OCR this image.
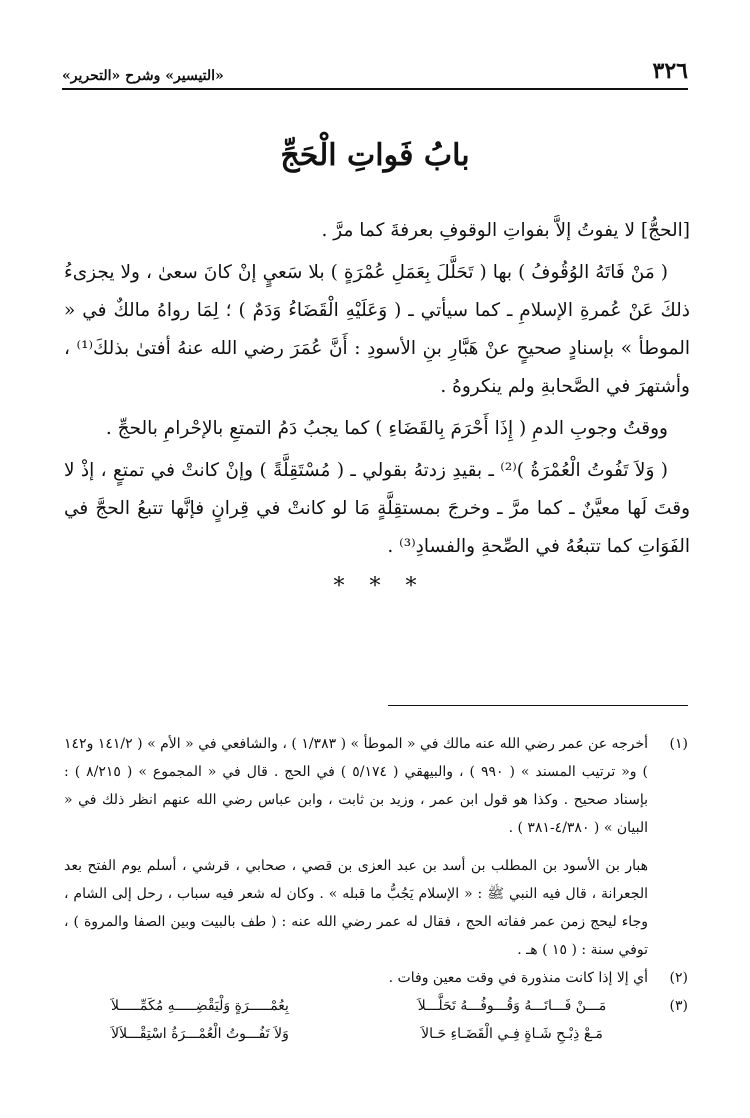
٣٢٦
«التيسير» وشرح «التحرير»
بابُ فَواتِ الْحَجِّ

[الحجُّ] لا يفوتُ إلاَّ بفواتِ الوقوفِ بعرفةَ كما مرَّ .

( مَنْ فَاتَهُ الوُقُوفُ ) بها ( تَحَلَّلَ بِعَمَلِ عُمْرَةٍ ) بلا سَعيٍ إنْ كانَ سعىٰ ، ولا يجزىءُ ذلكَ عَنْ عُمرةِ الإسلامِ ـ كما سيأتي ـ ( وَعَلَيْهِ الْقَضَاءُ وَدَمٌ ) ؛ لِمَا رواهُ مالكٌ في « الموطأ » بإسنادٍ صحيحٍ عنْ هَبَّارِ بنِ الأسودِ : أَنَّ عُمَرَ رضي الله عنهُ أفتىٰ بذلكَ⁽¹⁾ ، وأشتهرَ في الصَّحابةِ ولم ينكروهُ .

ووقتُ وجوبِ الدمِ ( إِذَا أَحْرَمَ بِالقَضَاءِ ) كما يجبُ دَمُ التمتعِ بالإحْرامِ بالحجِّ .

( وَلاَ تَفُوتُ الْعُمْرَةُ )⁽²⁾ ـ بقيدِ زدتهُ بقولي ـ ( مُسْتَقِلَّةً ) وإنْ كانتْ في تمتعٍ ، إذْ لا وقتَ لَها معيَّنٌ ـ كما مرَّ ـ وخرجَ بمستقِلَّةٍ مَا لو كانتْ في قِرانٍ فإنَّها تتبعُ الحجَّ في الفَوَاتِ كما تتبعُهُ في الصِّحةِ والفسادِ⁽³⁾ .

* * *
(١)

أخرجه عن عمر رضي الله عنه مالك في « الموطأ » ( ١/٣٨٣ ) ، والشافعي في « الأم » ( ١٤١/٢ و١٤٢ ) و« ترتيب المسند » ( ٩٩٠ ) ، والبيهقي ( ٥/١٧٤ ) في الحج . قال في « المجموع » ( ٨/٢١٥ ) : بإسناد صحيح . وكذا هو قول ابن عمر ، وزيد بن ثابت ، وابن عباس رضي الله عنهم انظر ذلك في « البيان » ( ٤/٣٨٠-٣٨١ ) .

هبار بن الأسود بن المطلب بن أسد بن عبد العزى بن قصي ، صحابي ، قرشي ، أسلم يوم الفتح بعد الجعرانة ، قال فيه النبي ﷺ : « الإسلام يَجُبُّ ما قبله » . وكان له شعر فيه سباب ، رحل إلى الشام ، وجاء ليحج زمن عمر ففاته الحج ، فقال له عمر رضي الله عنه : ( طف بالبيت وبين الصفا والمروة ) ، توفي سنة : ( ١٥ ) هـ .

(٢)

أي إلا إذا كانت منذورة في وقت معين وفات .

(٣)
مَـــنْ فَـــاتَـــهُ وَقُـــوفُـــهُ تَحَلَّـــلاَ
بِعُمْـــــرَةٍ وَلْيَقْضِـــــهِ مُكَمِّـــــلاَ
مَـعْ ذِبْـحِ شَـاةٍ فِـي الْقَضَـاءِ حَـالاَ
وَلاَ تَفُـــوتُ الْعُمْـــرَةُ اسْتِقْـــلاَلاَ
